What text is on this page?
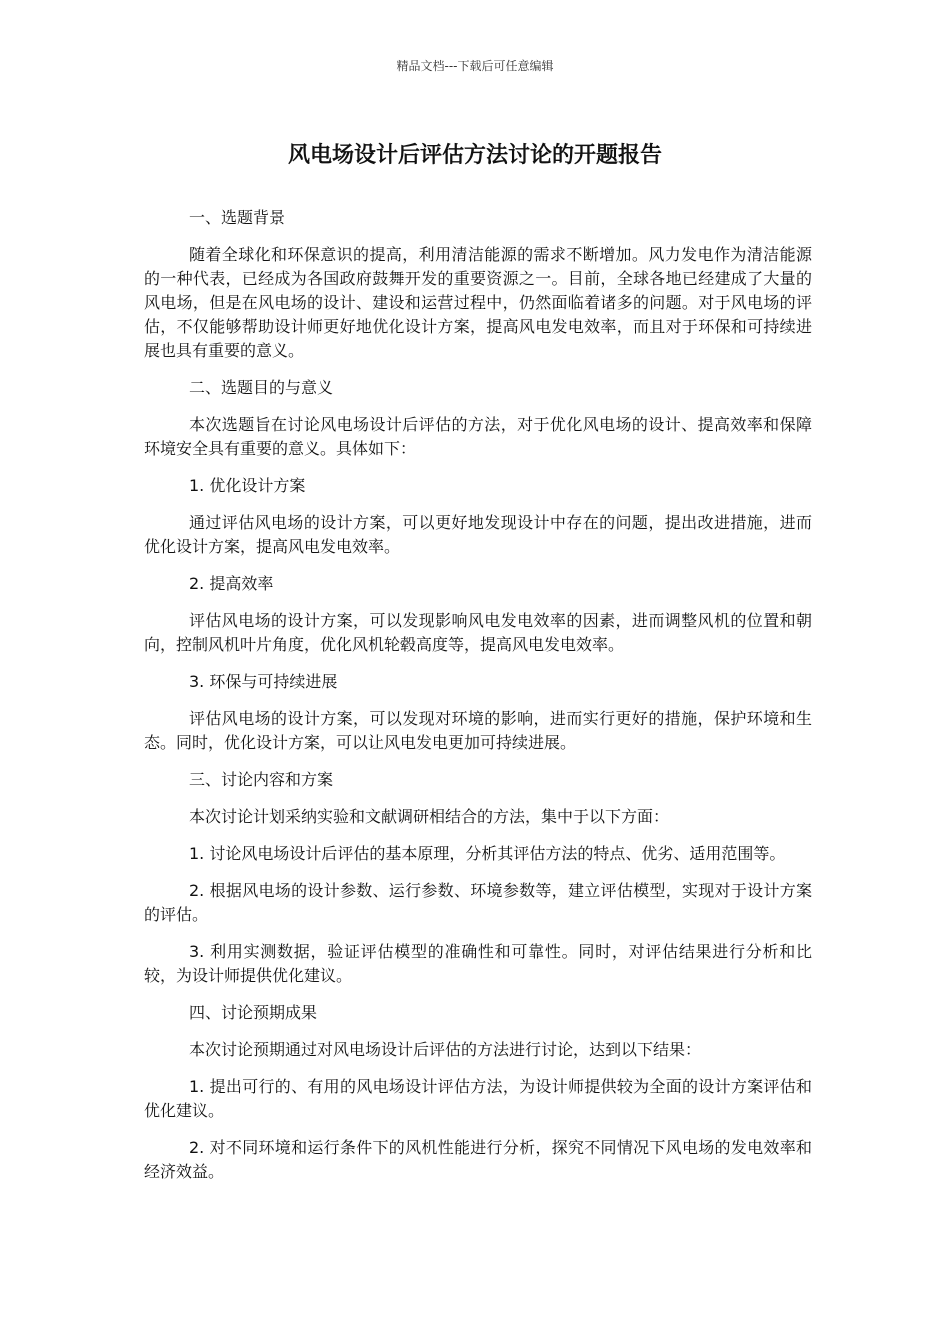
精品文档---下载后可任意编辑
风电场设计后评估方法讨论的开题报告

一、选题背景

随着全球化和环保意识的提高，利用清洁能源的需求不断增加。风力发电作为清洁能源的一种代表，已经成为各国政府鼓舞开发的重要资源之一。目前，全球各地已经建成了大量的风电场，但是在风电场的设计、建设和运营过程中，仍然面临着诸多的问题。对于风电场的评估，不仅能够帮助设计师更好地优化设计方案，提高风电发电效率，而且对于环保和可持续进展也具有重要的意义。

二、选题目的与意义

本次选题旨在讨论风电场设计后评估的方法，对于优化风电场的设计、提高效率和保障环境安全具有重要的意义。具体如下：

1. 优化设计方案

通过评估风电场的设计方案，可以更好地发现设计中存在的问题，提出改进措施，进而优化设计方案，提高风电发电效率。

2. 提高效率

评估风电场的设计方案，可以发现影响风电发电效率的因素，进而调整风机的位置和朝向，控制风机叶片角度，优化风机轮毂高度等，提高风电发电效率。

3. 环保与可持续进展

评估风电场的设计方案，可以发现对环境的影响，进而实行更好的措施，保护环境和生态。同时，优化设计方案，可以让风电发电更加可持续进展。

三、讨论内容和方案

本次讨论计划采纳实验和文献调研相结合的方法，集中于以下方面：

1. 讨论风电场设计后评估的基本原理，分析其评估方法的特点、优劣、适用范围等。

2. 根据风电场的设计参数、运行参数、环境参数等，建立评估模型，实现对于设计方案的评估。

3. 利用实测数据，验证评估模型的准确性和可靠性。同时，对评估结果进行分析和比较，为设计师提供优化建议。

四、讨论预期成果

本次讨论预期通过对风电场设计后评估的方法进行讨论，达到以下结果：

1. 提出可行的、有用的风电场设计评估方法，为设计师提供较为全面的设计方案评估和优化建议。

2. 对不同环境和运行条件下的风机性能进行分析，探究不同情况下风电场的发电效率和经济效益。
